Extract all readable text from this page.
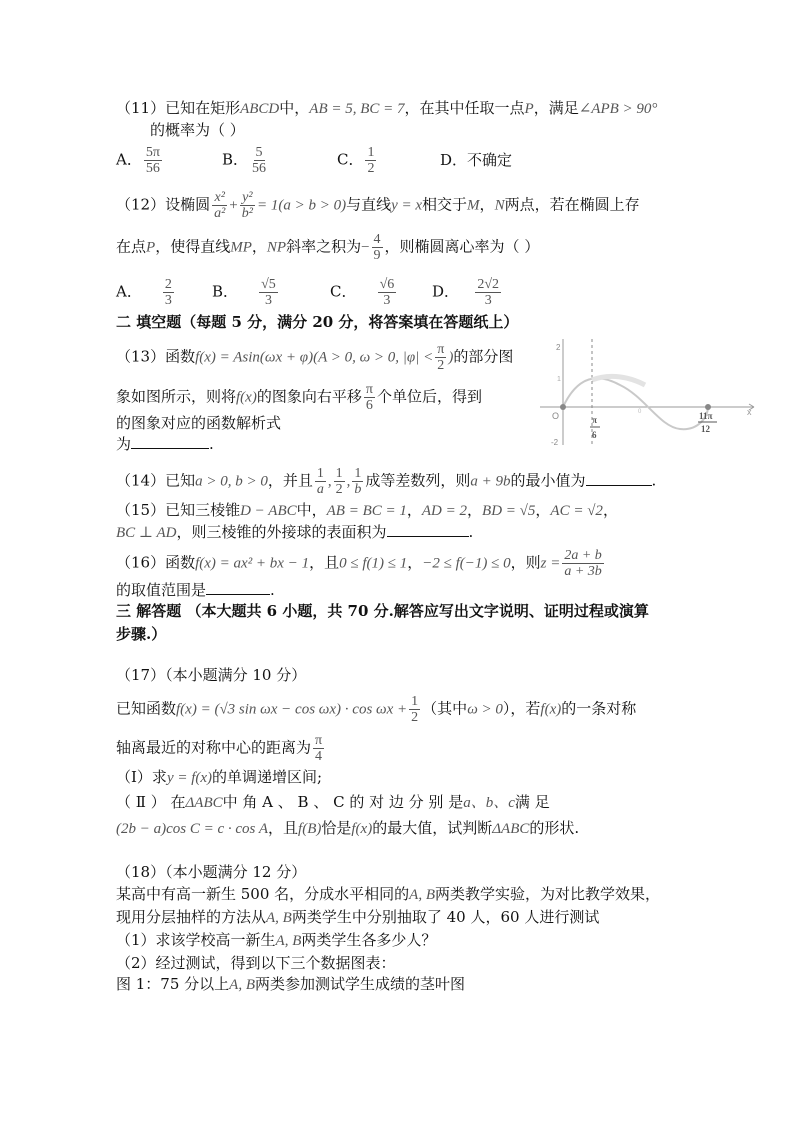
（11）已知在矩形ABCD中，AB = 5, BC = 7，在其中任取一点P，满足∠APB > 90°
的概率为（ ）
A． $\frac{5\pi}{56}$	B． $\frac{5}{56}$	C． $\frac{1}{2}$	D．不确定
（12）设椭圆 $\frac{\text{x²}}{\text{a²}} + \frac{\text{y²}}{\text{b²}} = 1(a > b > 0)$与直线y = x相交于M，N两点，若在椭圆上存
在点P，使得直线MP，NP斜率之积为− $\frac{4}{9}$ ，则椭圆离心率为（ ）
A． $\frac{2}{3}$	B． $\frac{√5}{3}$	C． $\frac{√6}{3}$ D． $\frac{2√2}{3}$
二 填空题（每题 5 分，满分 20 分，将答案填在答题纸上）
（13）函数f(x) = Asin(ωx + φ)(A > 0, ω > 0, $|\varphi| < \frac{\pi}{2}$ )的部分图
象如图所示，则将f(x)的图象向右平移 $\frac{\pi}{6}$ 个单位后，得到
的图象对应的函数解析式
为	.
2
-2
1
O	π
6
0	11π
12
x
（14）已知a > 0, b > 0，并且 $\frac{1}{a}$ , $\frac{1}{2}$ , $\frac{1}{b}$ 成等差数列，则a + 9b的最小值为	.
（15）已知三棱锥D − ABC中，AB = BC = 1，AD = 2，BD = √5，AC = √2，
BC ⊥ AD，则三棱锥的外接球的表面积为	.
（16）函数f(x) = ax² + bx − 1，且0 ≤ f(1) ≤ 1，−2 ≤ f(−1) ≤ 0，则$z = \frac{2a + b}{a + 3b}$
的取值范围是	.
三 解答题 （本大题共 6 小题，共 70 分.解答应写出文字说明、证明过程或演算
步骤.）
（17）（本小题满分 10 分）
已知函数f(x) = (√3 $\sin \omega x - \cos \omega x) \cdot \cos \omega x + \frac{1}{2}$ （其中ω > 0），若f(x)的一条对称
轴离最近的对称中心的距离为 $\frac{\pi}{4}$
（I）求y = f(x)的单调递增区间;
（ Ⅱ ） 在ΔABC中 角 A 、 B 、 C 的 对 边 分 别 是a、b、c满 足
(2b − a)cos C = c · cos A，且f(B)恰是f(x)的最大值，试判断ΔABC的形状.
（18）（本小题满分 12 分）
某高中有高一新生 500 名，分成水平相同的A, B两类教学实验，为对比教学效果，
现用分层抽样的方法从A, B两类学生中分别抽取了 40 人，60 人进行测试
（1）求该学校高一新生A, B两类学生各多少人？
（2）经过测试，得到以下三个数据图表：
图 1：75 分以上A, B两类参加测试学生成绩的茎叶图
